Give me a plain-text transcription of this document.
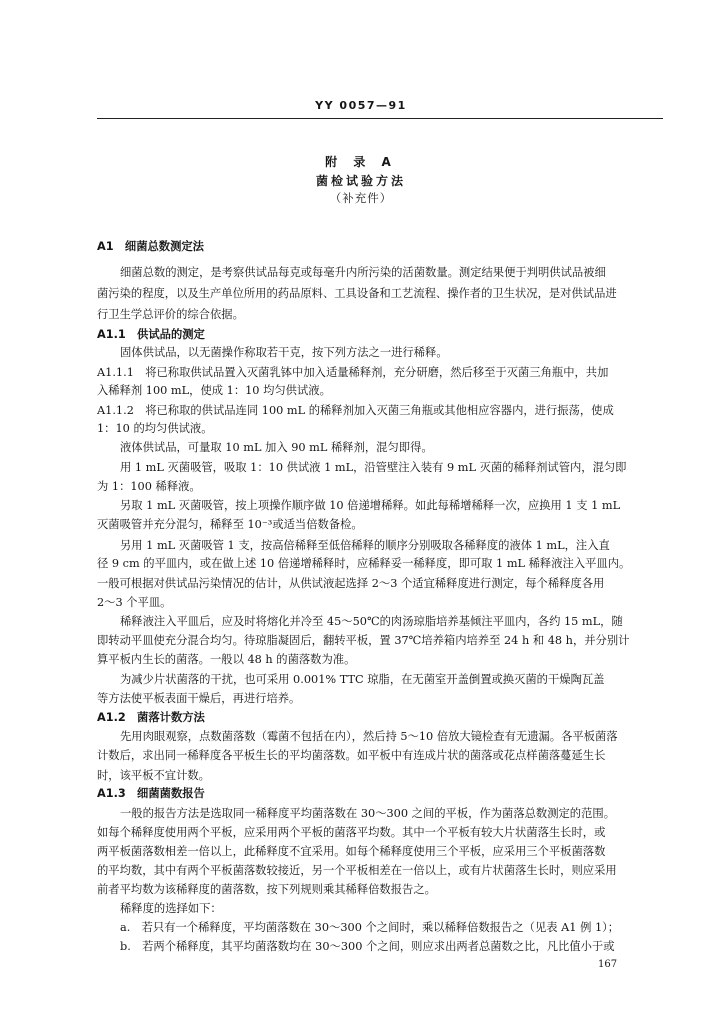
YY 0057—91
附 录 A
菌检试验方法
（补充件）
A1　细菌总数测定法
细菌总数的测定，是考察供试品每克或每毫升内所污染的活菌数量。测定结果便于判明供试品被细
菌污染的程度，以及生产单位所用的药品原料、工具设备和工艺流程、操作者的卫生状况，是对供试品进
行卫生学总评价的综合依据。
A1.1　供试品的测定
固体供试品，以无菌操作称取若干克，按下列方法之一进行稀释。
A1.1.1　将已称取供试品置入灭菌乳钵中加入适量稀释剂，充分研磨，然后移至于灭菌三角瓶中，共加
入稀释剂 100 mL，使成 1：10 均匀供试液。
A1.1.2　将已称取的供试品连同 100 mL 的稀释剂加入灭菌三角瓶或其他相应容器内，进行振荡，使成
1：10 的均匀供试液。
液体供试品，可量取 10 mL 加入 90 mL 稀释剂，混匀即得。
用 1 mL 灭菌吸管，吸取 1：10 供试液 1 mL，沿管壁注入装有 9 mL 灭菌的稀释剂试管内，混匀即
为 1：100 稀释液。
另取 1 mL 灭菌吸管，按上项操作顺序做 10 倍递增稀释。如此每稀增稀释一次，应换用 1 支 1 mL
灭菌吸管并充分混匀，稀释至 10⁻³或适当倍数备检。
另用 1 mL 灭菌吸管 1 支，按高倍稀释至低倍稀释的顺序分别吸取各稀释度的液体 1 mL，注入直
径 9 cm 的平皿内，或在做上述 10 倍递增稀释时，应稀释妥一稀释度，即可取 1 mL 稀释液注入平皿内。
一般可根据对供试品污染情况的估计，从供试液起选择 2～3 个适宜稀释度进行测定，每个稀释度各用
2～3 个平皿。
稀释液注入平皿后，应及时将熔化并冷至 45～50℃的肉汤琼脂培养基倾注平皿内，各约 15 mL，随
即转动平皿使充分混合均匀。待琼脂凝固后，翻转平板，置 37℃培养箱内培养至 24 h 和 48 h，并分别计
算平板内生长的菌落。一般以 48 h 的菌落数为准。
为减少片状菌落的干扰，也可采用 0.001% TTC 琼脂，在无菌室开盖倒置或换灭菌的干燥陶瓦盖
等方法使平板表面干燥后，再进行培养。
A1.2　菌落计数方法
先用肉眼观察，点数菌落数（霉菌不包括在内），然后持 5～10 倍放大镜检查有无遗漏。各平板菌落
计数后，求出同一稀释度各平板生长的平均菌落数。如平板中有连成片状的菌落或花点样菌落蔓延生长
时，该平板不宜计数。
A1.3　细菌菌数报告
一般的报告方法是选取同一稀释度平均菌落数在 30～300 之间的平板，作为菌落总数测定的范围。
如每个稀释度使用两个平板，应采用两个平板的菌落平均数。其中一个平板有较大片状菌落生长时，或
两平板菌落数相差一倍以上，此稀释度不宜采用。如每个稀释度使用三个平板，应采用三个平板菌落数
的平均数，其中有两个平板菌落数较接近，另一个平板相差在一倍以上，或有片状菌落生长时，则应采用
前者平均数为该稀释度的菌落数，按下列规则乘其稀释倍数报告之。
稀释度的选择如下：
a.　若只有一个稀释度，平均菌落数在 30～300 个之间时，乘以稀释倍数报告之（见表 A1 例 1）；
b.　若两个稀释度，其平均菌落数均在 30～300 个之间，则应求出两者总菌数之比，凡比值小于或
167
